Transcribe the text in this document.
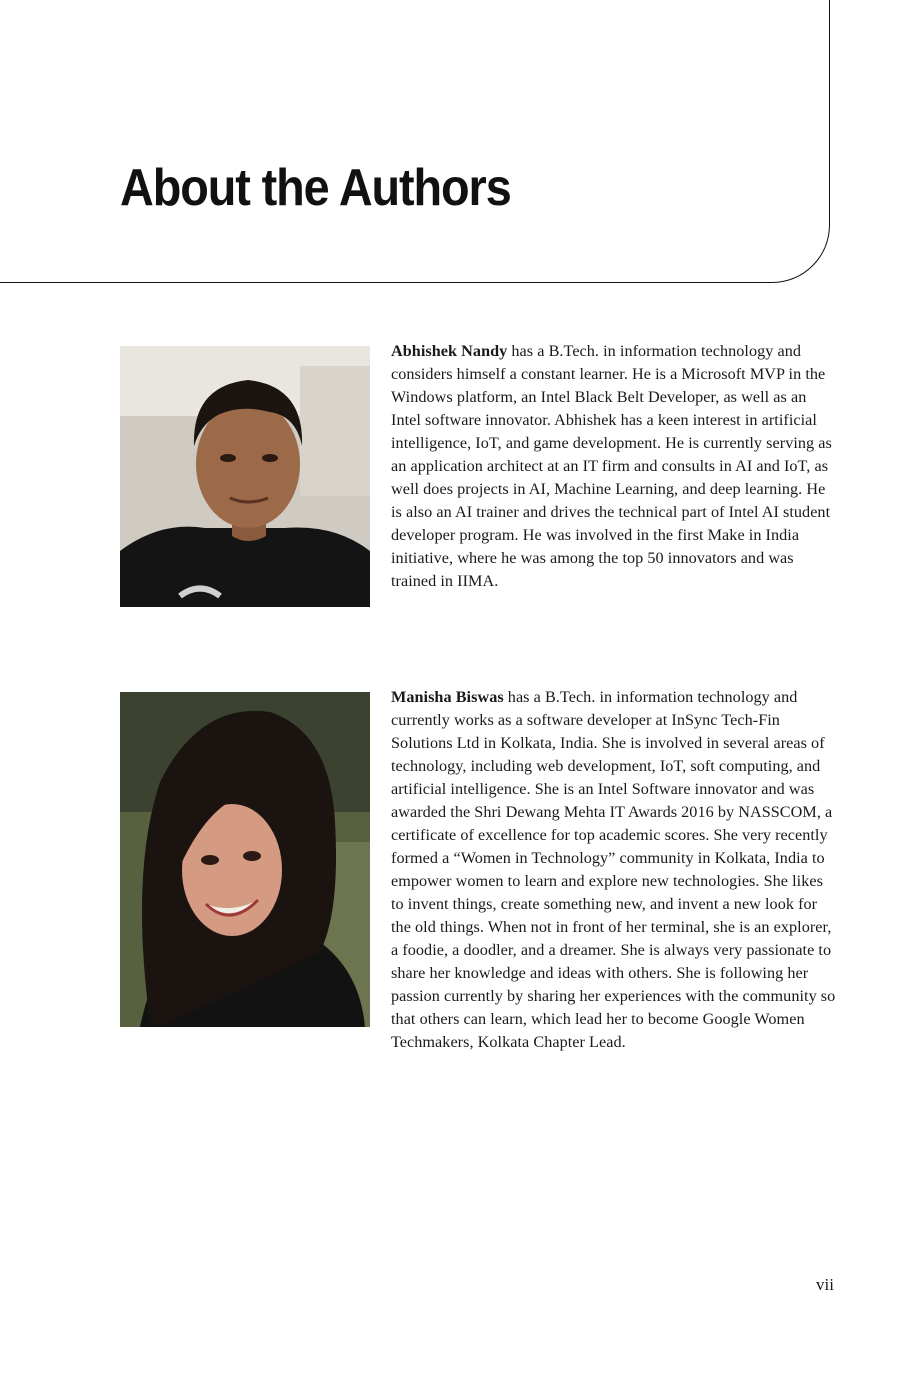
About the Authors
Abhishek Nandy has a B.Tech. in information technology and considers himself a constant learner. He is a Microsoft MVP in the Windows platform, an Intel Black Belt Developer, as well as an Intel software innovator. Abhishek has a keen interest in artificial intelligence, IoT, and game development. He is currently serving as an application architect at an IT firm and consults in AI and IoT, as well does projects in AI, Machine Learning, and deep learning. He is also an AI trainer and drives the technical part of Intel AI student developer program. He was involved in the first Make in India initiative, where he was among the top 50 innovators and was trained in IIMA.
Manisha Biswas has a B.Tech. in information technology and currently works as a software developer at InSync Tech-Fin Solutions Ltd in Kolkata, India. She is involved in several areas of technology, including web development, IoT, soft computing, and artificial intelligence. She is an Intel Software innovator and was awarded the Shri Dewang Mehta IT Awards 2016 by NASSCOM, a certificate of excellence for top academic scores. She very recently formed a “Women in Technology” community in Kolkata, India to empower women to learn and explore new technologies. She likes to invent things, create something new, and invent a new look for the old things. When not in front of her terminal, she is an explorer, a foodie, a doodler, and a dreamer. She is always very passionate to share her knowledge and ideas with others. She is following her passion currently by sharing her experiences with the community so that others can learn, which lead her to become Google Women Techmakers, Kolkata Chapter Lead.
vii
